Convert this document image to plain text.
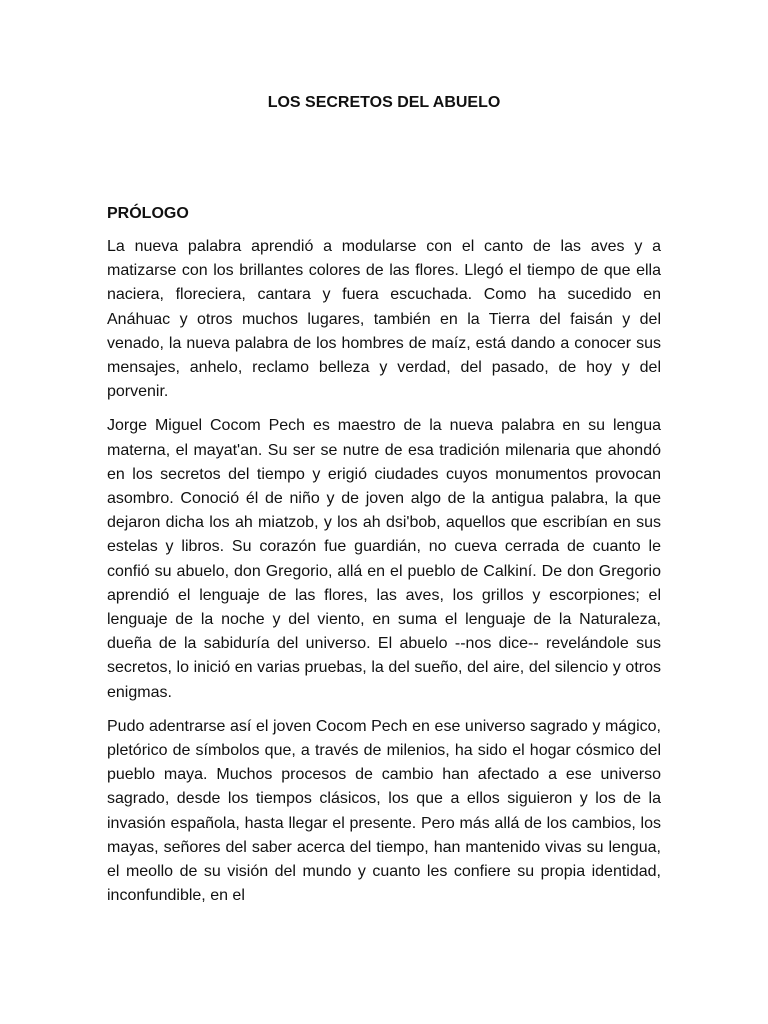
LOS SECRETOS DEL ABUELO
PRÓLOGO

La nueva palabra aprendió a modularse con el canto de las aves y a matizarse con los brillantes colores de las flores. Llegó el tiempo de que ella naciera, floreciera, cantara y fuera escuchada. Como ha sucedido en Anáhuac y otros muchos lugares, también en la Tierra del faisán y del venado, la nueva palabra de los hombres de maíz, está dando a conocer sus mensajes, anhelo, reclamo belleza y verdad, del pasado, de hoy y del porvenir.

Jorge Miguel Cocom Pech es maestro de la nueva palabra en su lengua materna, el mayat'an. Su ser se nutre de esa tradición milenaria que ahondó en los secretos del tiempo y erigió ciudades cuyos monumentos provocan asombro. Conoció él de niño y de joven algo de la antigua palabra, la que dejaron dicha los ah miatzob, y los ah dsi'bob, aquellos que escribían en sus estelas y libros. Su corazón fue guardián, no cueva cerrada de cuanto le confió su abuelo, don Gregorio, allá en el pueblo de Calkiní. De don Gregorio aprendió el lenguaje de las flores, las aves, los grillos y escorpiones; el lenguaje de la noche y del viento, en suma el lenguaje de la Naturaleza, dueña de la sabiduría del universo. El abuelo --nos dice-- revelándole sus secretos, lo inició en varias pruebas, la del sueño, del aire, del silencio y otros enigmas.

Pudo adentrarse así el joven Cocom Pech en ese universo sagrado y mágico, pletórico de símbolos que, a través de milenios, ha sido el hogar cósmico del pueblo maya. Muchos procesos de cambio han afectado a ese universo sagrado, desde los tiempos clásicos, los que a ellos siguieron y los de la invasión española, hasta llegar el presente. Pero más allá de los cambios, los mayas, señores del saber acerca del tiempo, han mantenido vivas su lengua, el meollo de su visión del mundo y cuanto les confiere su propia identidad, inconfundible, en el
